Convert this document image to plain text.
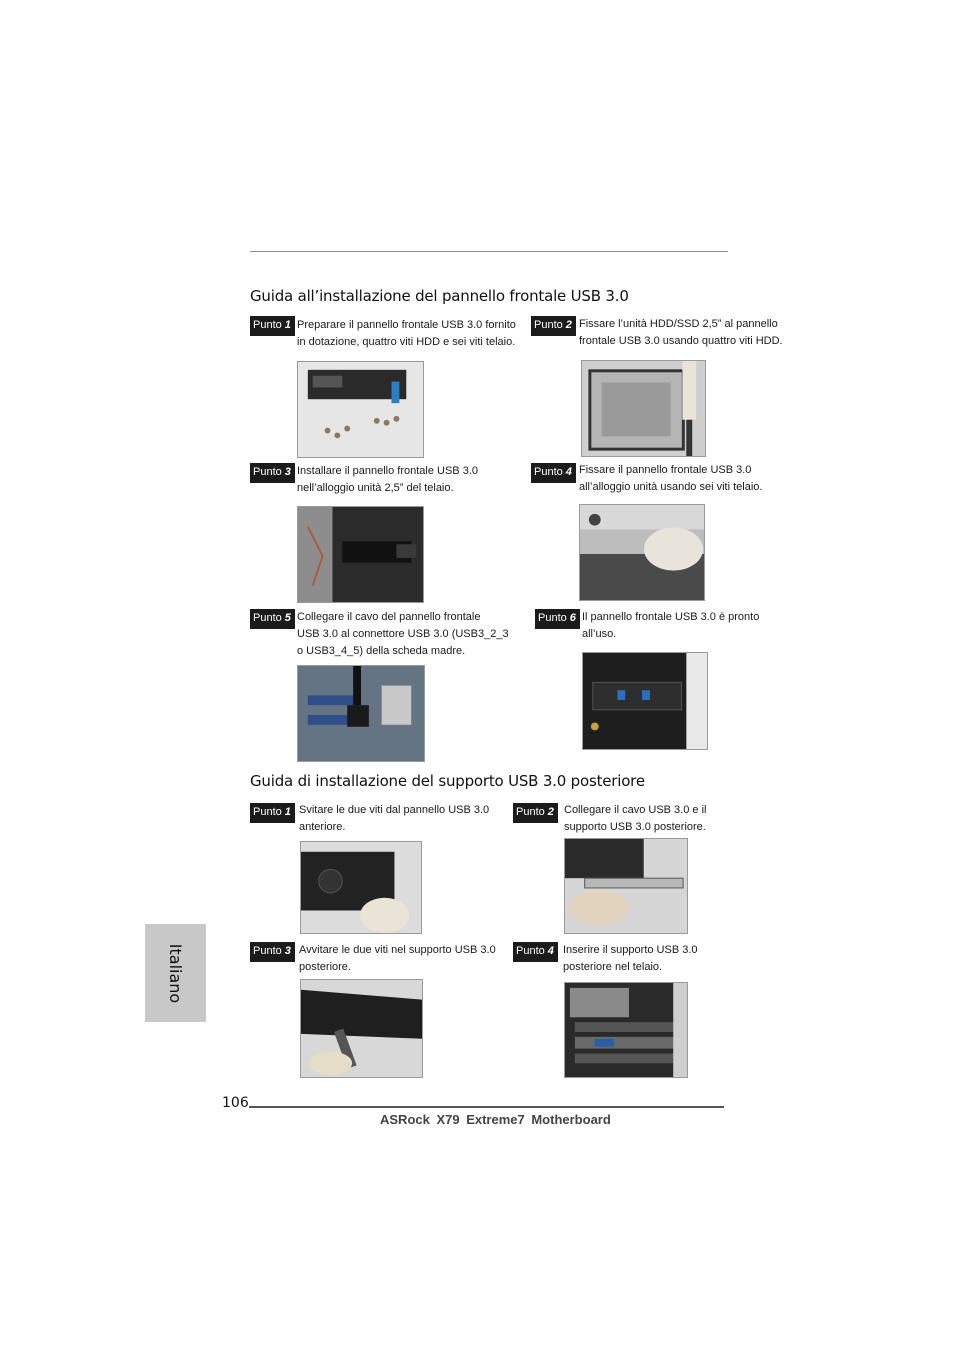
Guida all’installazione del pannello frontale USB 3.0
Punto 1 Preparare il pannello frontale USB 3.0 fornito
in dotazione, quattro viti HDD e sei viti telaio.
Punto 2 Fissare l’unità HDD/SSD 2,5” al pannello
frontale USB 3.0 usando quattro viti HDD.
Punto 3 Installare il pannello frontale USB 3.0
nell’alloggio unità 2,5” del telaio.
Punto 4 Fissare il pannello frontale USB 3.0
all’alloggio unità usando sei viti telaio.
Punto 5 Collegare il cavo del pannello frontale
USB 3.0 al connettore USB 3.0 (USB3_2_3
o USB3_4_5) della scheda madre.
Punto 6 Il pannello frontale USB 3.0 è pronto
all’uso.
Guida di installazione del supporto USB 3.0 posteriore
Punto 1 Svitare le due viti dal pannello USB 3.0
anteriore.
Punto 2 Collegare il cavo USB 3.0 e il
supporto USB 3.0 posteriore.
Punto 3 Avvitare le due viti nel supporto USB 3.0
posteriore.
Punto 4 Inserire il supporto USB 3.0
posteriore nel telaio.
Italiano
106
ASRock X79 Extreme7 Motherboard
